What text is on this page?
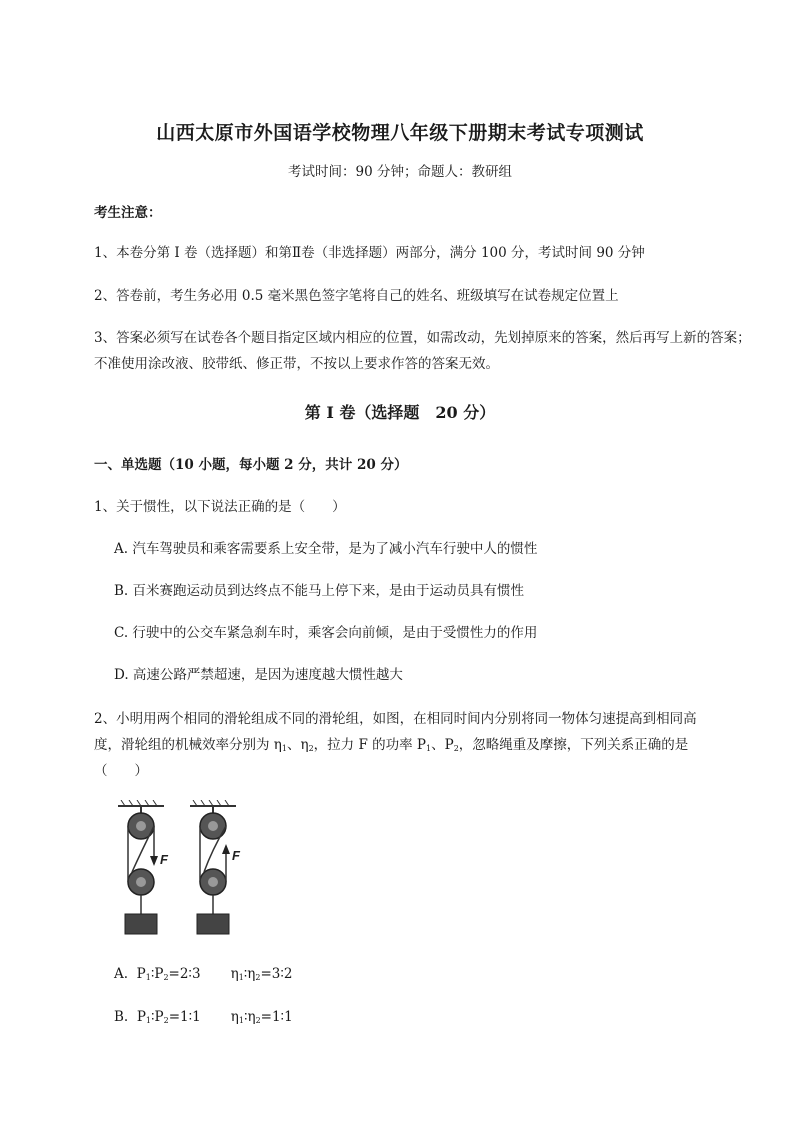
山西太原市外国语学校物理八年级下册期末考试专项测试
考试时间：90 分钟；命题人：教研组
考生注意：
1、本卷分第 I 卷（选择题）和第Ⅱ卷（非选择题）两部分，满分 100 分，考试时间 90 分钟
2、答卷前，考生务必用 0.5 毫米黑色签字笔将自己的姓名、班级填写在试卷规定位置上
3、答案必须写在试卷各个题目指定区域内相应的位置，如需改动，先划掉原来的答案，然后再写上新的答案；不准使用涂改液、胶带纸、修正带，不按以上要求作答的答案无效。
第 I 卷（选择题　20 分）
一、单选题（10 小题，每小题 2 分，共计 20 分）
1、关于惯性，以下说法正确的是（　　）
A. 汽车驾驶员和乘客需要系上安全带，是为了减小汽车行驶中人的惯性
B. 百米赛跑运动员到达终点不能马上停下来，是由于运动员具有惯性
C. 行驶中的公交车紧急刹车时，乘客会向前倾，是由于受惯性力的作用
D. 高速公路严禁超速，是因为速度越大惯性越大
2、小明用两个相同的滑轮组成不同的滑轮组，如图，在相同时间内分别将同一物体匀速提高到相同高
度，滑轮组的机械效率分别为 $\eta_1$、$\eta_2$，拉力 F 的功率 $P_1$、$P_2$，忽略绳重及摩擦，下列关系正确的是
（　　）
F	F
A. $P_1∶P_2=2∶3$ $\eta_1∶\eta_2=3∶2$
B. $P_1∶P_2=1∶1$ $\eta_1∶\eta_2=1∶1$
